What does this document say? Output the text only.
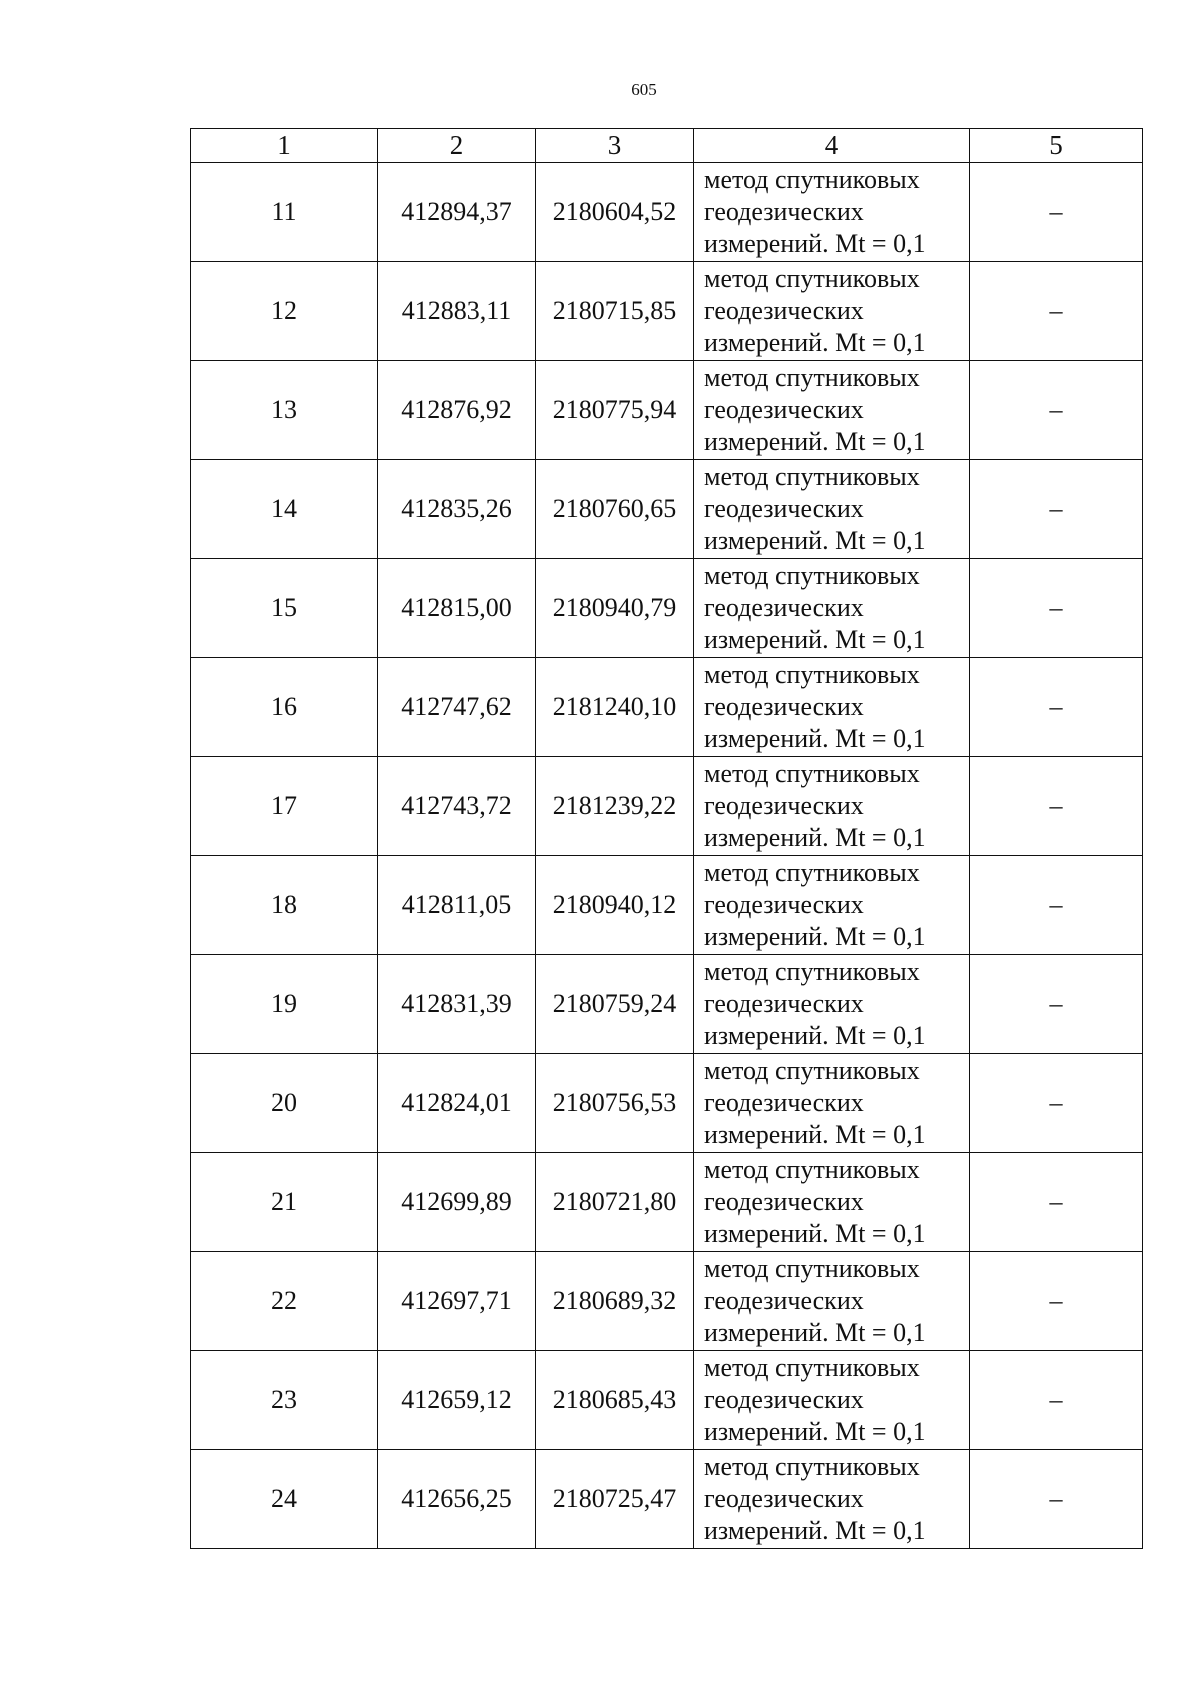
605
1	2	3	4	5
11	412894,37	2180604,52	метод спутниковых
геодезических
измерений. Mt = 0,1	–
12	412883,11	2180715,85	метод спутниковых
геодезических
измерений. Mt = 0,1	–
13	412876,92	2180775,94	метод спутниковых
геодезических
измерений. Mt = 0,1	–
14	412835,26	2180760,65	метод спутниковых
геодезических
измерений. Mt = 0,1	–
15	412815,00	2180940,79	метод спутниковых
геодезических
измерений. Mt = 0,1	–
16	412747,62	2181240,10	метод спутниковых
геодезических
измерений. Mt = 0,1	–
17	412743,72	2181239,22	метод спутниковых
геодезических
измерений. Mt = 0,1	–
18	412811,05	2180940,12	метод спутниковых
геодезических
измерений. Mt = 0,1	–
19	412831,39	2180759,24	метод спутниковых
геодезических
измерений. Mt = 0,1	–
20	412824,01	2180756,53	метод спутниковых
геодезических
измерений. Mt = 0,1	–
21	412699,89	2180721,80	метод спутниковых
геодезических
измерений. Mt = 0,1	–
22	412697,71	2180689,32	метод спутниковых
геодезических
измерений. Mt = 0,1	–
23	412659,12	2180685,43	метод спутниковых
геодезических
измерений. Mt = 0,1	–
24	412656,25	2180725,47	метод спутниковых
геодезических
измерений. Mt = 0,1	–
